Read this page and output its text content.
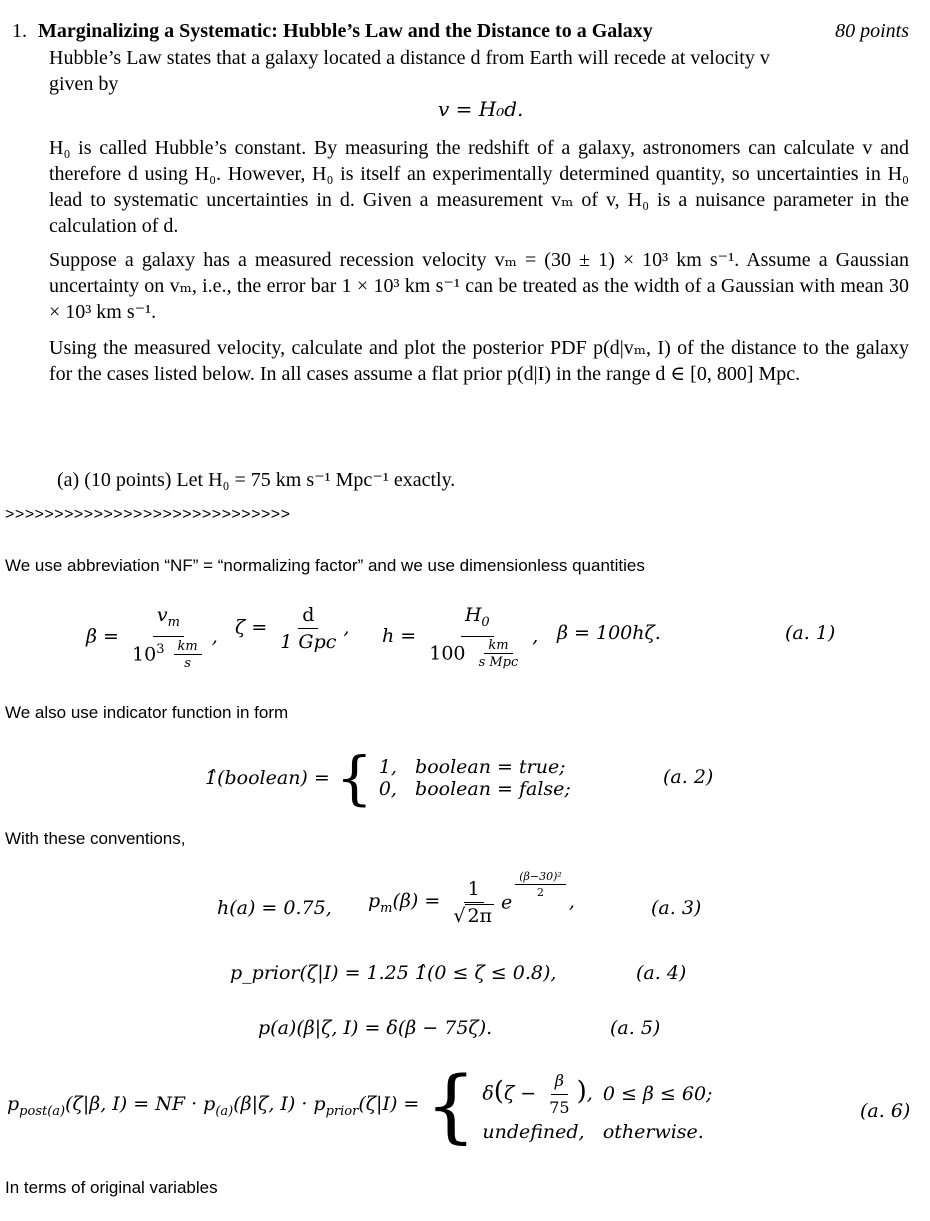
1. Marginalizing a Systematic: Hubble’s Law and the Distance to a Galaxy	80 points
Hubble’s Law states that a galaxy located a distance d from Earth will recede at velocity v
given by
v = H₀d.
H₀ is called Hubble’s constant. By measuring the redshift of a galaxy, astronomers can calculate v and therefore d using H₀. However, H₀ is itself an experimentally determined quantity, so uncertainties in H₀ lead to systematic uncertainties in d. Given a measurement vₘ of v, H₀ is a nuisance parameter in the calculation of d.
Suppose a galaxy has a measured recession velocity vₘ = (30 ± 1) × 10³ km s⁻¹. Assume a Gaussian uncertainty on vₘ, i.e., the error bar 1 × 10³ km s⁻¹ can be treated as the width of a Gaussian with mean 30 × 10³ km s⁻¹.
Using the measured velocity, calculate and plot the posterior PDF p(d|vₘ, I) of the distance to the galaxy for the cases listed below. In all cases assume a flat prior p(d|I) in the range d ∈ [0, 800] Mpc.
(a) (10 points) Let H₀ = 75 km s⁻¹ Mpc⁻¹ exactly.
>>>>>>>>>>>>>>>>>>>>>>>>>>>>>
We use abbreviation “NF” = “normalizing factor” and we use dimensionless quantities
$\beta = \frac{v_m}{10^3 \frac{km}{s}}$ , $\zeta = \frac{d}{\text{1 Gpc}}$ , $h = \frac{H_0}{100 \frac{km}{\text{s Mpc}}}$ , β = 100hζ.	(a. 1)
We also use indicator function in form
1̂(boolean) = { 1,   boolean = true;
0,   boolean = false;
(a. 2)
With these conventions,
h(a) = 0.75, $p_m(\beta) = \frac{1}{√ 2\pi}$ e
$^{\frac{\text{(β−30)²}}{2}}$
,	(a. 3)
p_prior(ζ|I) = 1.25 1̂(0 ≤ ζ ≤ 0.8),	(a. 4)
p(a)(β|ζ, I) = δ(β − 75ζ).	(a. 5)
$p_{post(a)}(\zeta|\beta$, I) = NF · $p_{(a)}(\beta|\zeta$, $I) \cdot p_{prior}(\zeta|I)$ = { $\delta(\zeta - \frac{\beta}{75}$ ),	0 ≤ β ≤ 60;
undefined,	otherwise.
(a. 6)
In terms of original variables
